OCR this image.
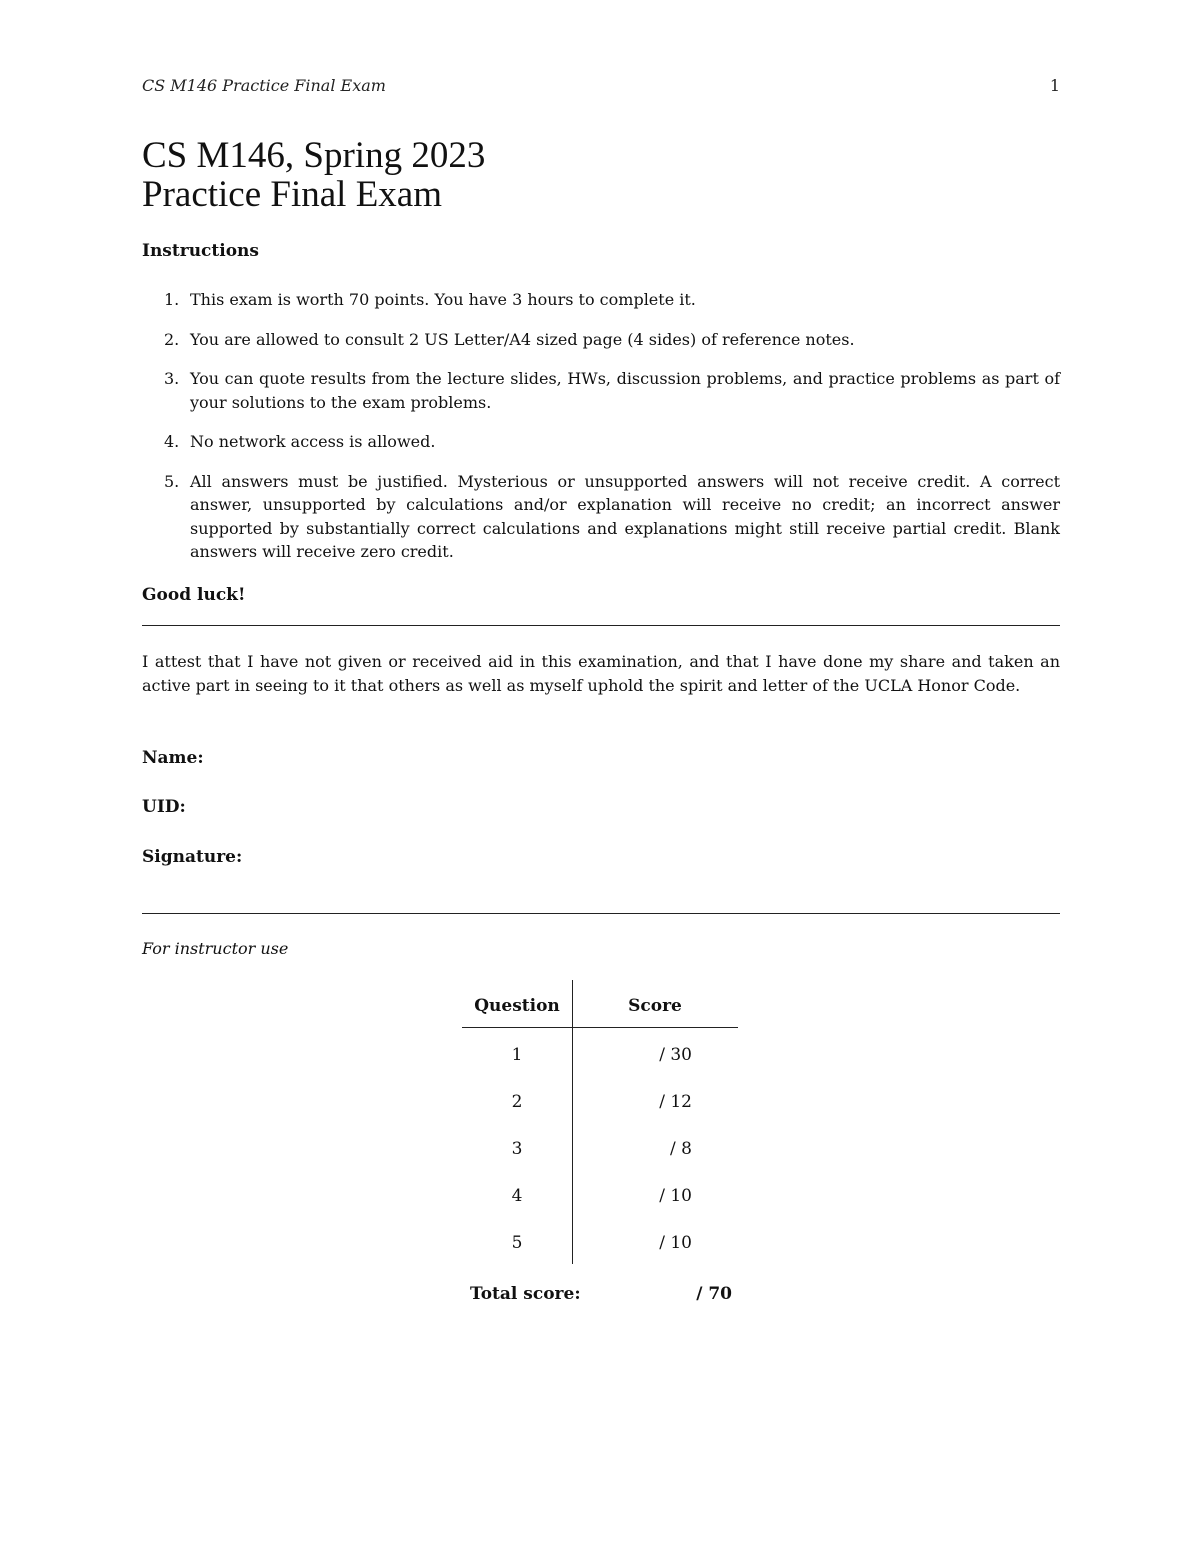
CS M146 Practice Final Exam	1
CS M146, Spring 2023
Practice Final Exam
Instructions
1. This exam is worth 70 points. You have 3 hours to complete it.
2. You are allowed to consult 2 US Letter/A4 sized page (4 sides) of reference notes.
3. You can quote results from the lecture slides, HWs, discussion problems, and practice problems as part of your solutions to the exam problems.
4. No network access is allowed.
5. All answers must be justified. Mysterious or unsupported answers will not receive credit. A correct answer, unsupported by calculations and/or explanation will receive no credit; an incorrect answer supported by substantially correct calculations and explanations might still receive partial credit. Blank answers will receive zero credit.
Good luck!
I attest that I have not given or received aid in this examination, and that I have done my share and taken an active part in seeing to it that others as well as myself uphold the spirit and letter of the UCLA Honor Code.
Name:
UID:
Signature:
For instructor use
Question	Score
1	/ 30
2	/ 12
3	/ 8
4	/ 10
5	/ 10
Total score:	/ 70
